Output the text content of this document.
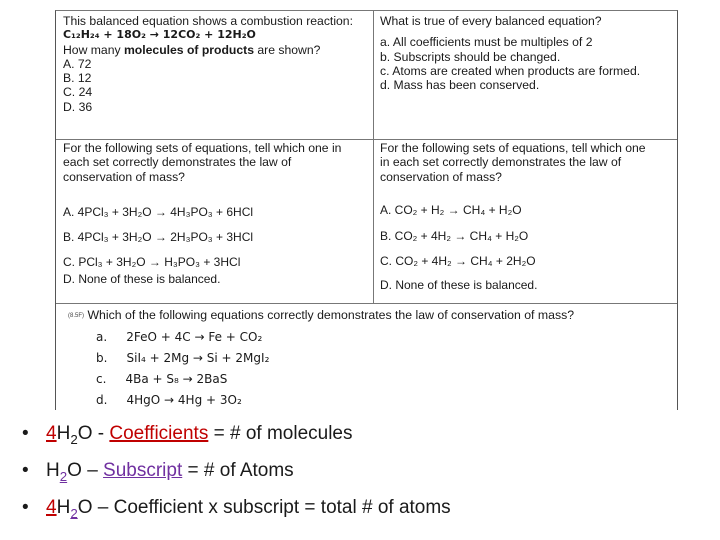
This balanced equation shows a combustion reaction:
C₁₂H₂₄ + 18O₂ → 12CO₂ + 12H₂O
How many molecules of products are shown?
A. 72
B. 12
C. 24
D. 36
What is true of every balanced equation?
a. All coefficients must be multiples of 2
b. Subscripts should be changed.
c. Atoms are created when products are formed.
d. Mass has been conserved.
For the following sets of equations, tell which one in
each set correctly demonstrates the law of
conservation of mass?
A. 4PCl₃ + 3H₂O → 4H₃PO₃ + 6HCl
B. 4PCl₃ + 3H₂O → 2H₃PO₃ + 3HCl
C. PCl₃ + 3H₂O → H₃PO₃ + 3HCl
D. None of these is balanced.
For the following sets of equations, tell which one
in each set correctly demonstrates the law of
conservation of mass?
A. CO₂ + H₂ → CH₄ + H₂O
B. CO₂ + 4H₂ → CH₄ + H₂O
C. CO₂ + 4H₂ → CH₄ + 2H₂O
D. None of these is balanced.
(8.5F) Which of the following equations correctly demonstrates the law of conservation of mass?
a. 2FeO + 4C → Fe + CO₂
b. SiI₄ + 2Mg → Si + 2MgI₂
c. 4Ba + S₈ → 2BaS
d. 4HgO → 4Hg + 3O₂
• $4H_2O$ - Coefficients = # of molecules
• $H_2O$ – Subscript = # of Atoms
• $4H_2O$ – Coefficient x subscript = total # of atoms
